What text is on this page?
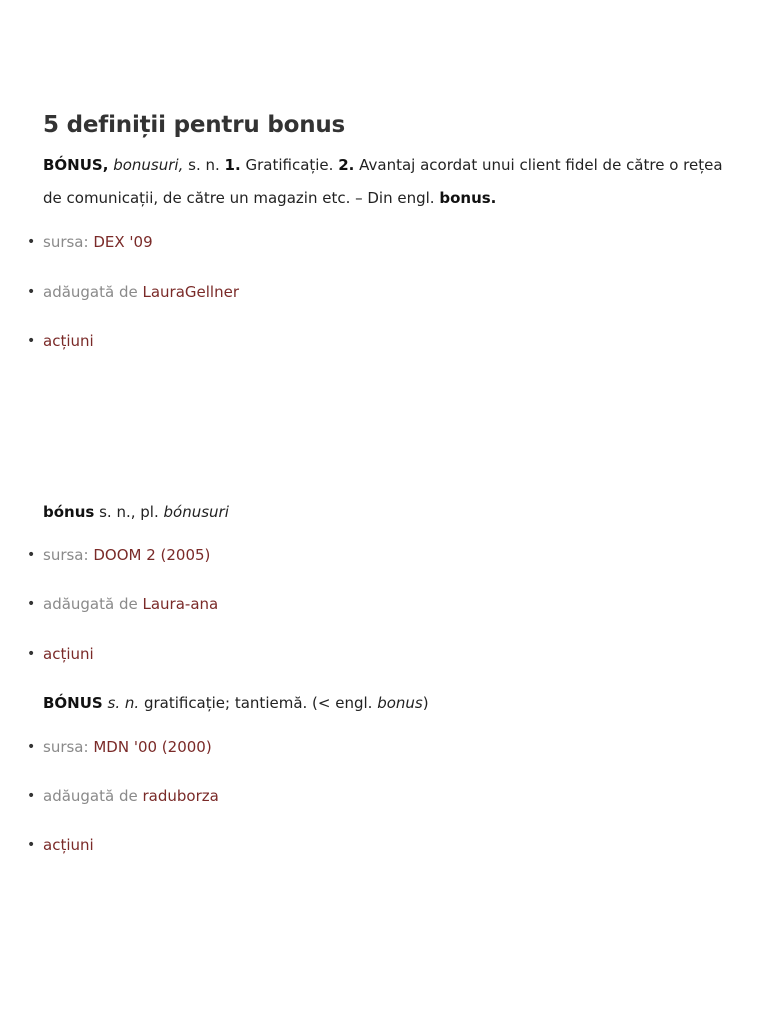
5 definiții pentru bonus

BÓNUS, bonusuri, s. n. 1. Gratificație. 2. Avantaj acordat unui client fidel de către o rețea de comunicații, de către un magazin etc. – Din engl. bonus.

• sursa: DEX '09
• adăugată de LauraGellner
• acțiuni

bónus s. n., pl. bónusuri

• sursa: DOOM 2 (2005)
• adăugată de Laura-ana
• acțiuni

BÓNUS s. n. gratificație; tantiemă. (< engl. bonus)

• sursa: MDN '00 (2000)
• adăugată de raduborza
• acțiuni
